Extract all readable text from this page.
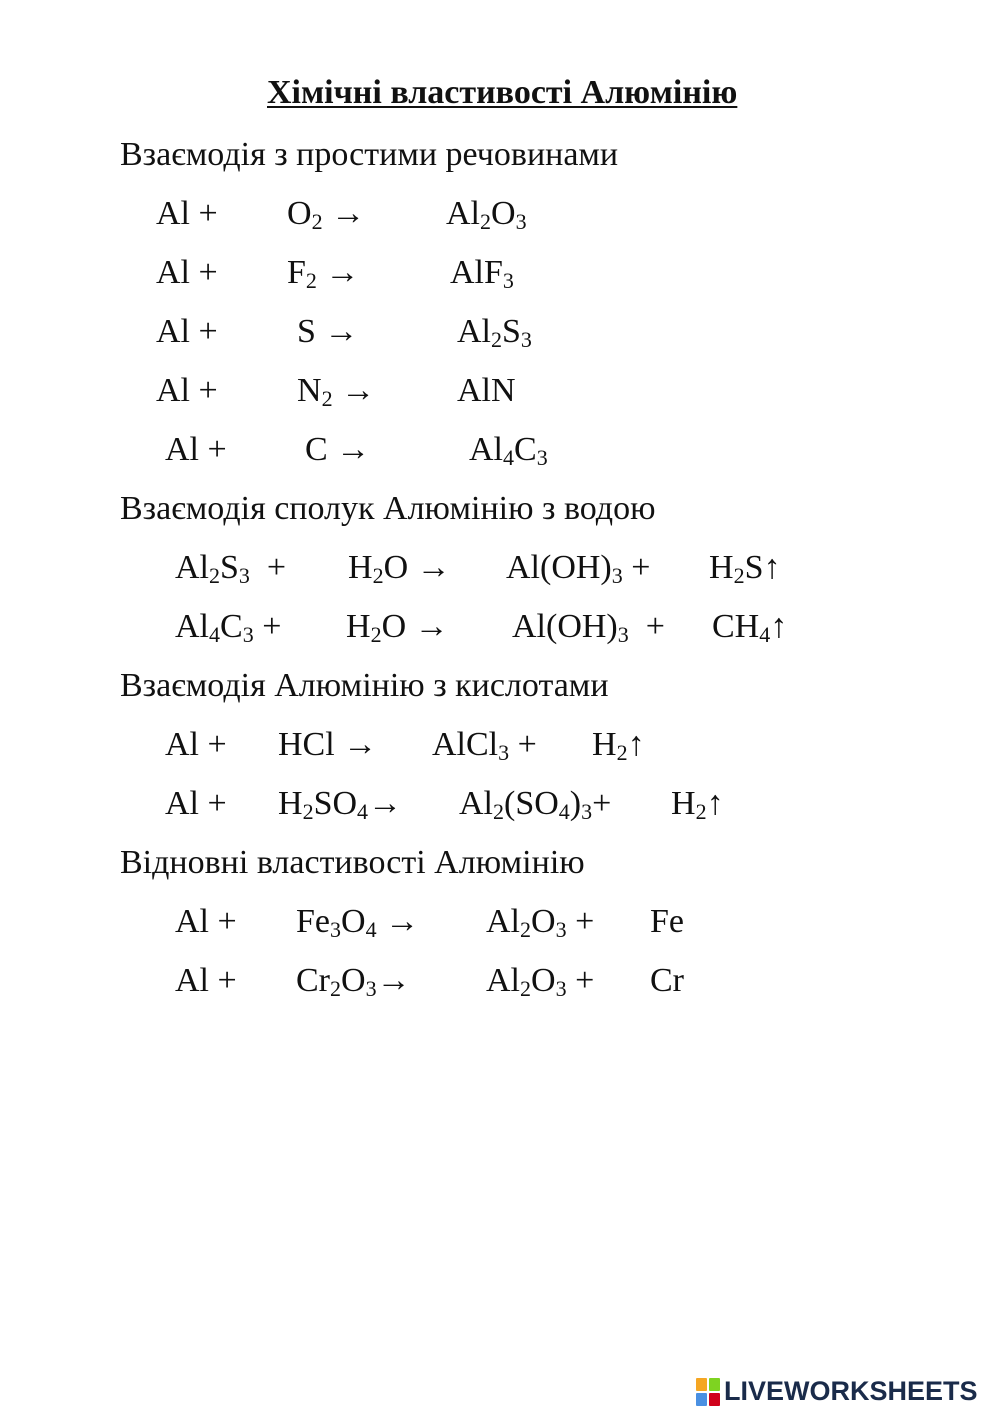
Хімічні властивості Алюмінію
Взаємодія з простими речовинами
$Al + O_2 \to Al_2O_3$
$Al + F_2$ →	AlF$_3$
Al + S →	$Al_2S_3$
$Al + N_2$ → AlN
Al + C →	$Al_4C_3$
Взаємодія сполук Алюмінію з водою
$Al_2S_3 + H_2O \to Al(OH)_3$ + $H_2S↑$
$Al_4C_3 + H_2O \to Al(OH)_3$  + $CH_4↑$
Взаємодія Алюмінію з кислотами
Al + HCl → AlCl$_3$ + $H_2↑$
$Al + H_2SO_4\to Al_2(SO_4)_3+$ $H_2↑$
Відновні властивості Алюмінію
$Al + Fe_3O_4 \to Al_2O_3 + Fe$
$Al + Cr_2O_3\to Al_2O_3 + Cr$
LIVEWORKSHEETS
